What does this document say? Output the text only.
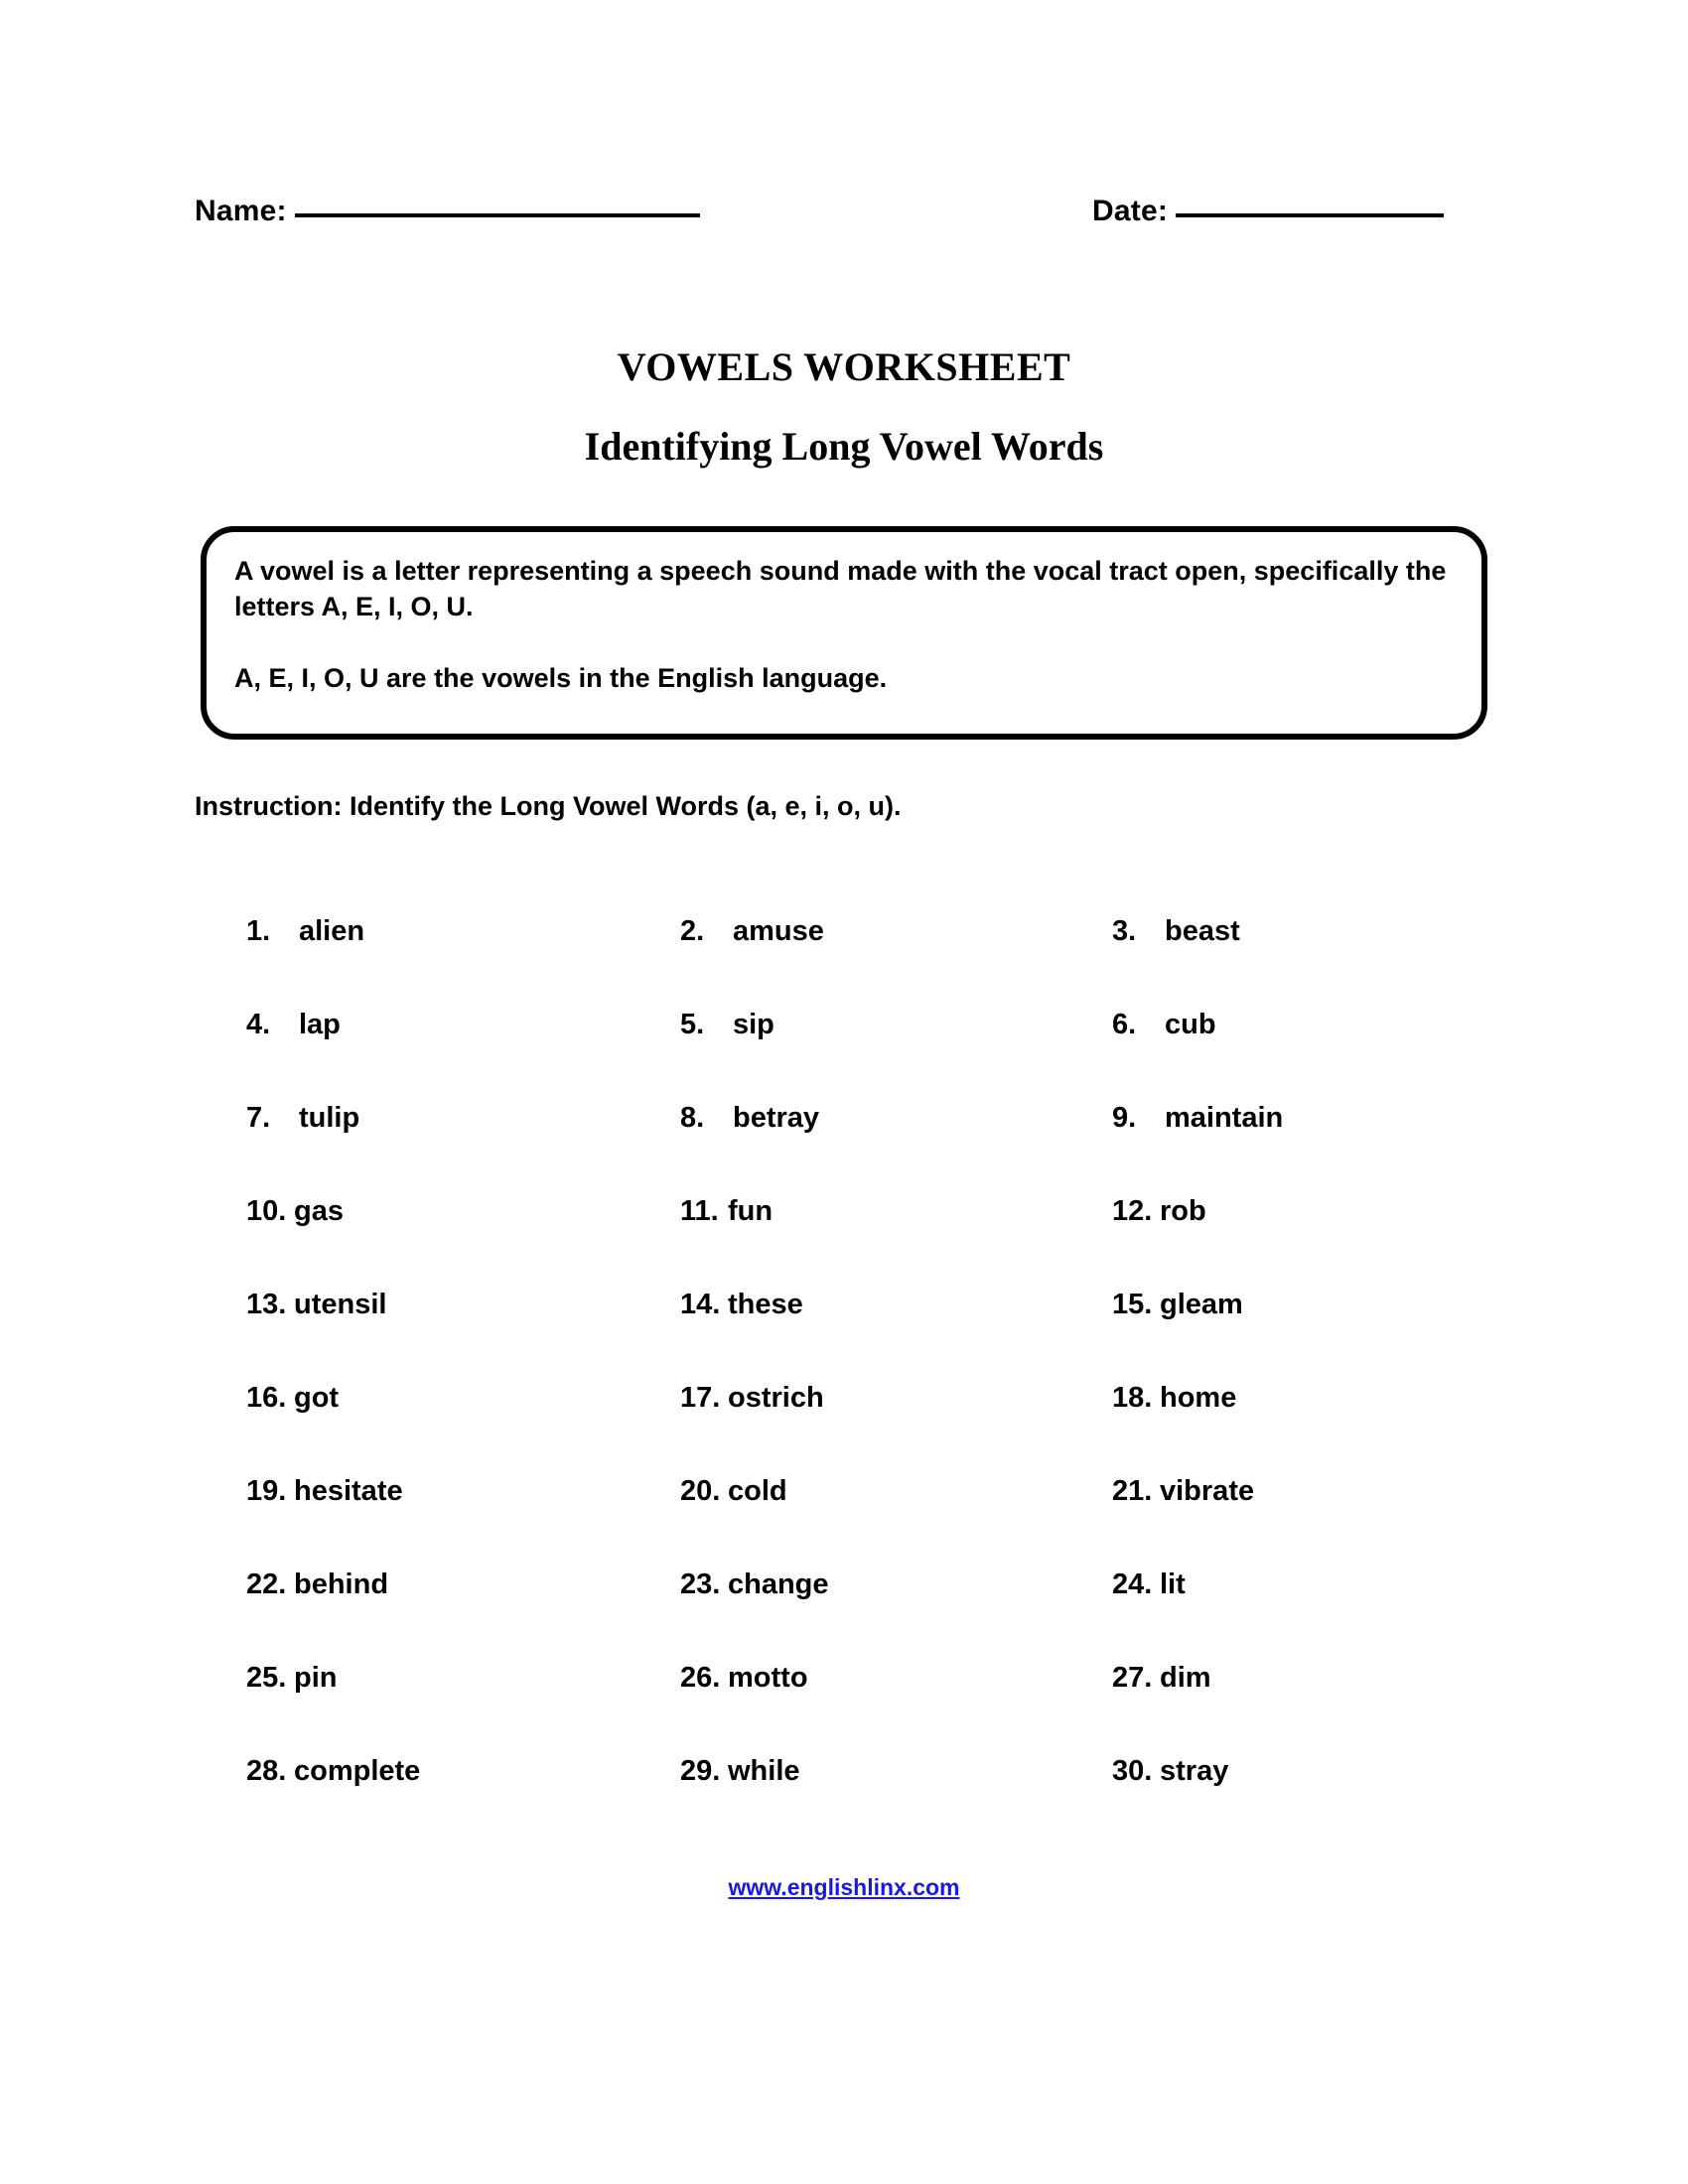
Name:	Date:
VOWELS WORKSHEET
Identifying Long Vowel Words

A vowel is a letter representing a speech sound made with the vocal tract open, specifically the letters A, E, I, O, U.

A, E, I, O, U are the vowels in the English language.

Instruction: Identify the Long Vowel Words (a, e, i, o, u).
1. alien	2. amuse	3. beast
4. lap	5. sip	6. cub
7. tulip	8. betray	9. maintain
10. gas	11. fun	12. rob
13. utensil	14. these	15. gleam
16. got	17. ostrich	18. home
19. hesitate	20. cold	21. vibrate
22. behind	23. change	24. lit
25. pin	26. motto	27. dim
28. complete	29. while	30. stray
www.englishlinx.com
